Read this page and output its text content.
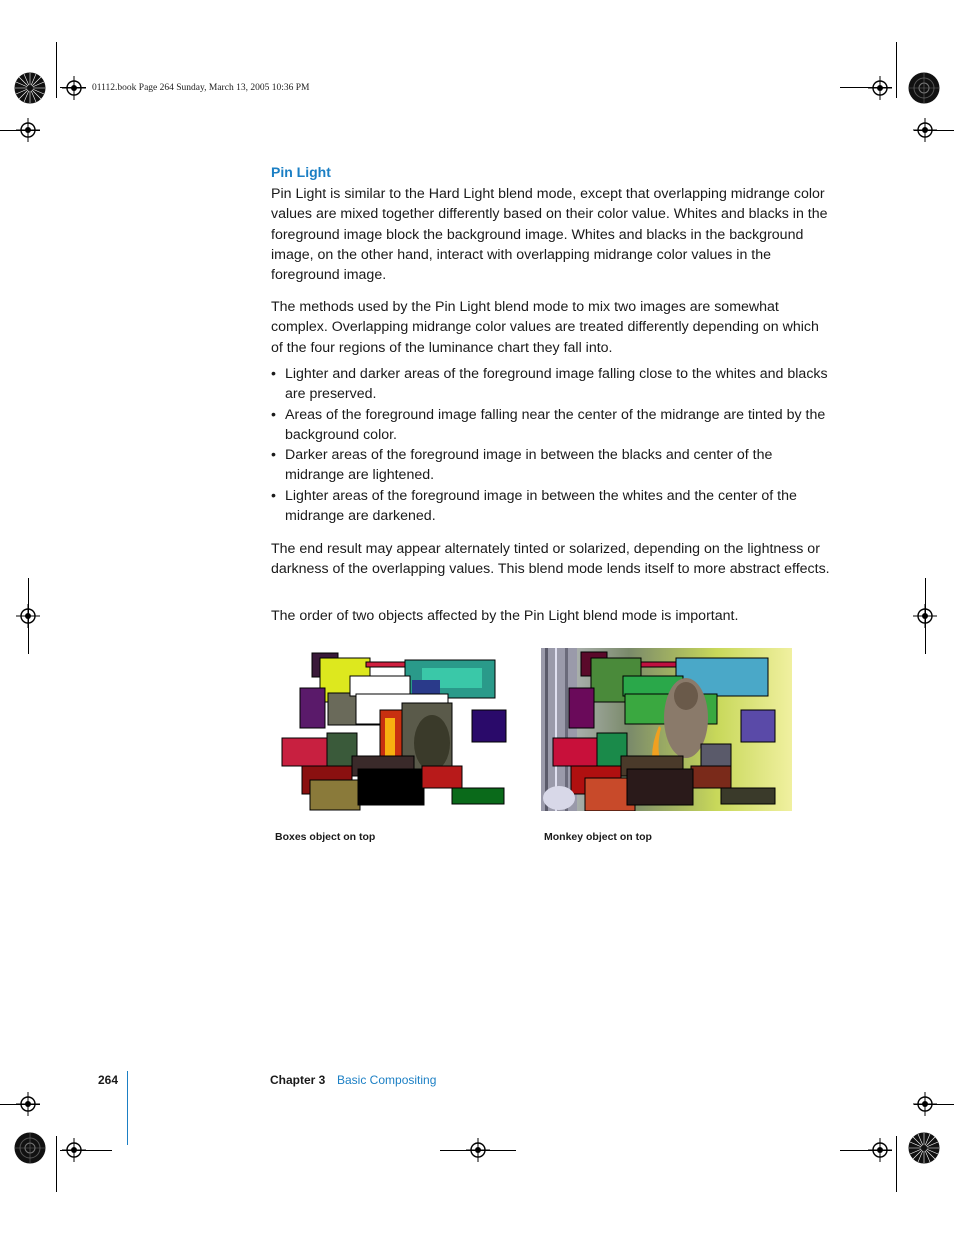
01112.book Page 264 Sunday, March 13, 2005 10:36 PM
Pin Light
Pin Light is similar to the Hard Light blend mode, except that overlapping midrange color values are mixed together differently based on their color value. Whites and blacks in the foreground image block the background image. Whites and blacks in the background image, on the other hand, interact with overlapping midrange color values in the foreground image.
The methods used by the Pin Light blend mode to mix two images are somewhat complex. Overlapping midrange color values are treated differently depending on which of the four regions of the luminance chart they fall into.
• Lighter and darker areas of the foreground image falling close to the whites and blacks are preserved.
• Areas of the foreground image falling near the center of the midrange are tinted by the background color.
• Darker areas of the foreground image in between the blacks and center of the midrange are lightened.
• Lighter areas of the foreground image in between the whites and the center of the midrange are darkened.
The end result may appear alternately tinted or solarized, depending on the lightness or darkness of the overlapping values. This blend mode lends itself to more abstract effects.
The order of two objects affected by the Pin Light blend mode is important.
Boxes object on top	Monkey object on top
264	Chapter 3 Basic Compositing
